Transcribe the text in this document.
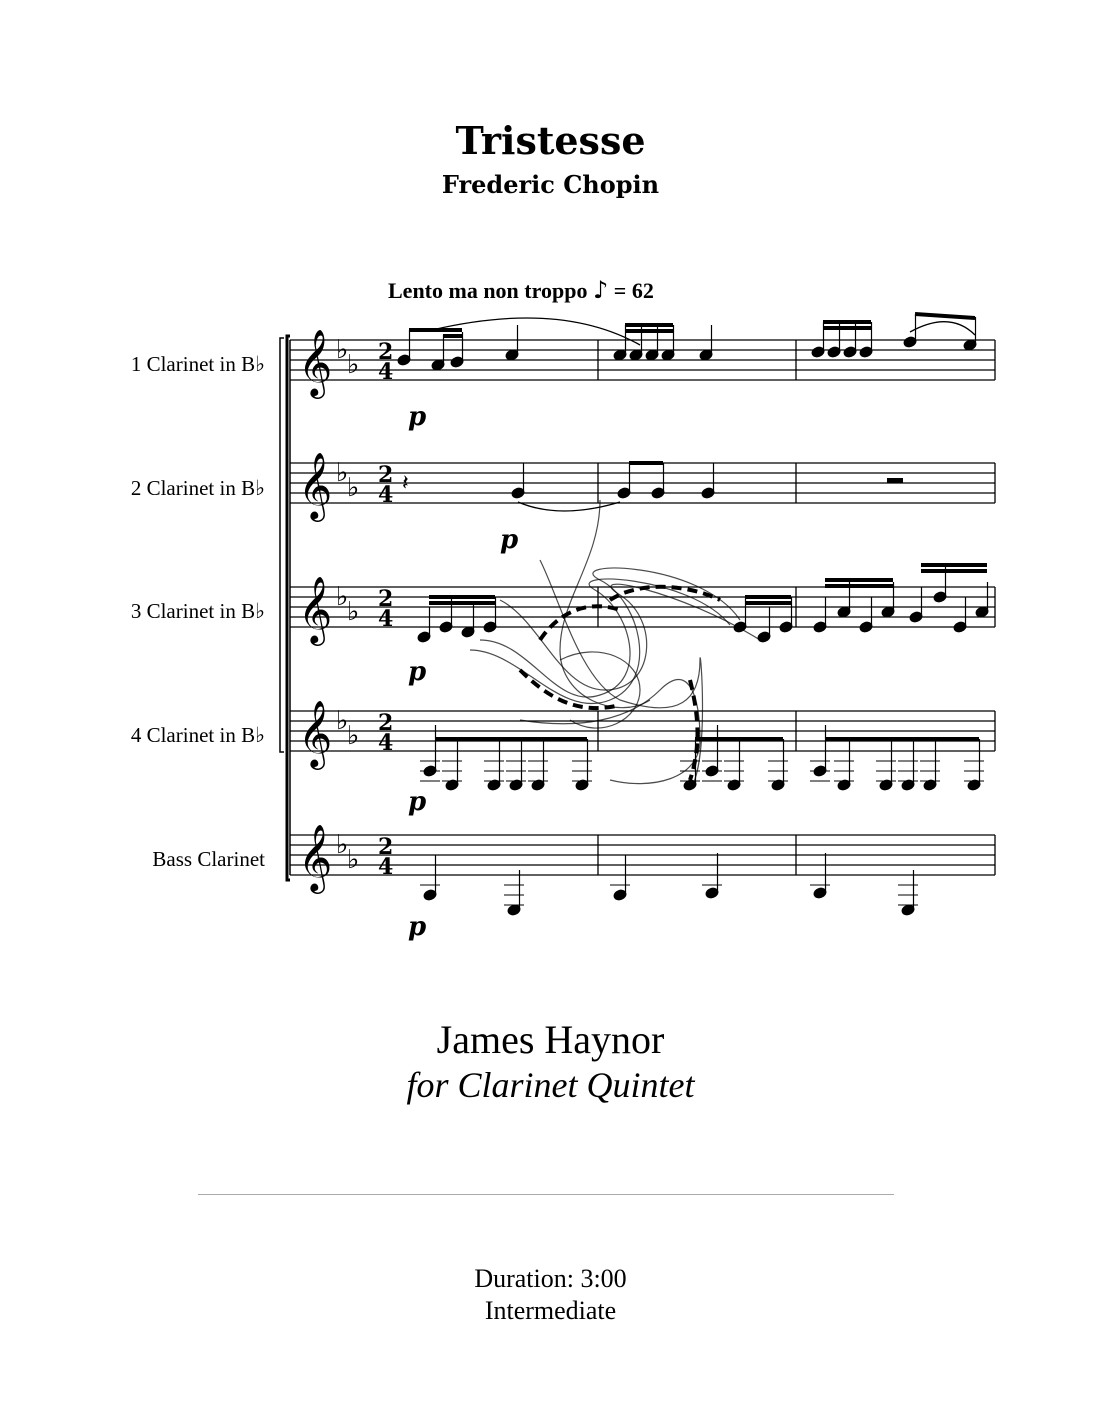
Tristesse
Frederic Chopin
Lento ma non troppo ♪ = 62
1 Clarinet in B♭
2 Clarinet in B♭
3 Clarinet in B♭
4 Clarinet in B♭
Bass Clarinet
𝄞 ♭
♭ 2
4
𝄞 ♭
♭ 2
4
𝄞 ♭
♭ 2
4
𝄞 ♭
♭ 2
4
𝄞 ♭
♭ 2
4
𝄽
p
p
p
p
p
James Haynor
for Clarinet Quintet
Duration: 3:00
Intermediate
